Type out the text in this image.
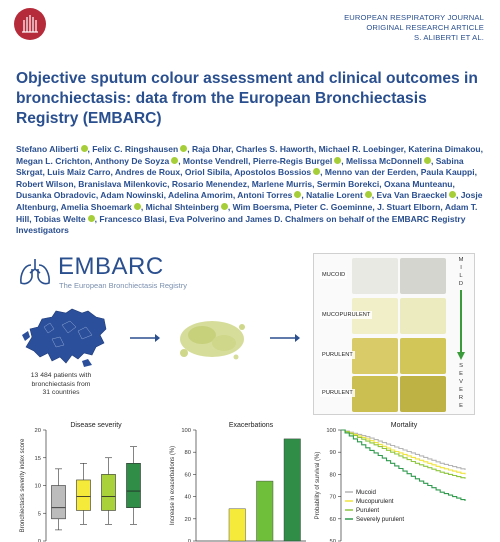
EUROPEAN RESPIRATORY JOURNAL
ORIGINAL RESEARCH ARTICLE
S. ALIBERTI ET AL.
Objective sputum colour assessment and clinical outcomes in bronchiectasis: data from the European Bronchiectasis Registry (EMBARC)
Stefano Aliberti , Felix C. Ringshausen , Raja Dhar, Charles S. Haworth, Michael R. Loebinger, Katerina Dimakou, Megan L. Crichton, Anthony De Soyza , Montse Vendrell, Pierre-Regis Burgel , Melissa McDonnell , Sabina Skrgat, Luis Maiz Carro, Andres de Roux, Oriol Sibila, Apostolos Bossios , Menno van der Eerden, Paula Kauppi, Robert Wilson, Branislava Milenkovic, Rosario Menendez, Marlene Murris, Sermin Borekci, Oxana Munteanu, Dusanka Obradovic, Adam Nowinski, Adelina Amorim, Antoni Torres , Natalie Lorent , Eva Van Braeckel , Josje Altenburg, Amelia Shoemark , Michal Shteinberg , Wim Boersma, Pieter C. Goeminne, J. Stuart Elborn, Adam T. Hill, Tobias Welte , Francesco Blasi, Eva Polverino and James D. Chalmers on behalf of the EMBARC Registry Investigators
EMBARC
The European Bronchiectasis Registry
13 484 patients with
bronchiectasis from
31 countries
MUCOID
MUCOPURULENT
PURULENT
PURULENT
M
I
L
D
S
E
V
E
R
E
Disease severity
0
5
10
15
20
Bronchiectasis severity index score
Exacerbations
0
20
40
60
80
100
Increase in exacerbations (%)
Mortality
50
60
70
80
90
100
Probability of survival (%)	Mucoid
Mucopurulent
Purulent
Severely purulent
